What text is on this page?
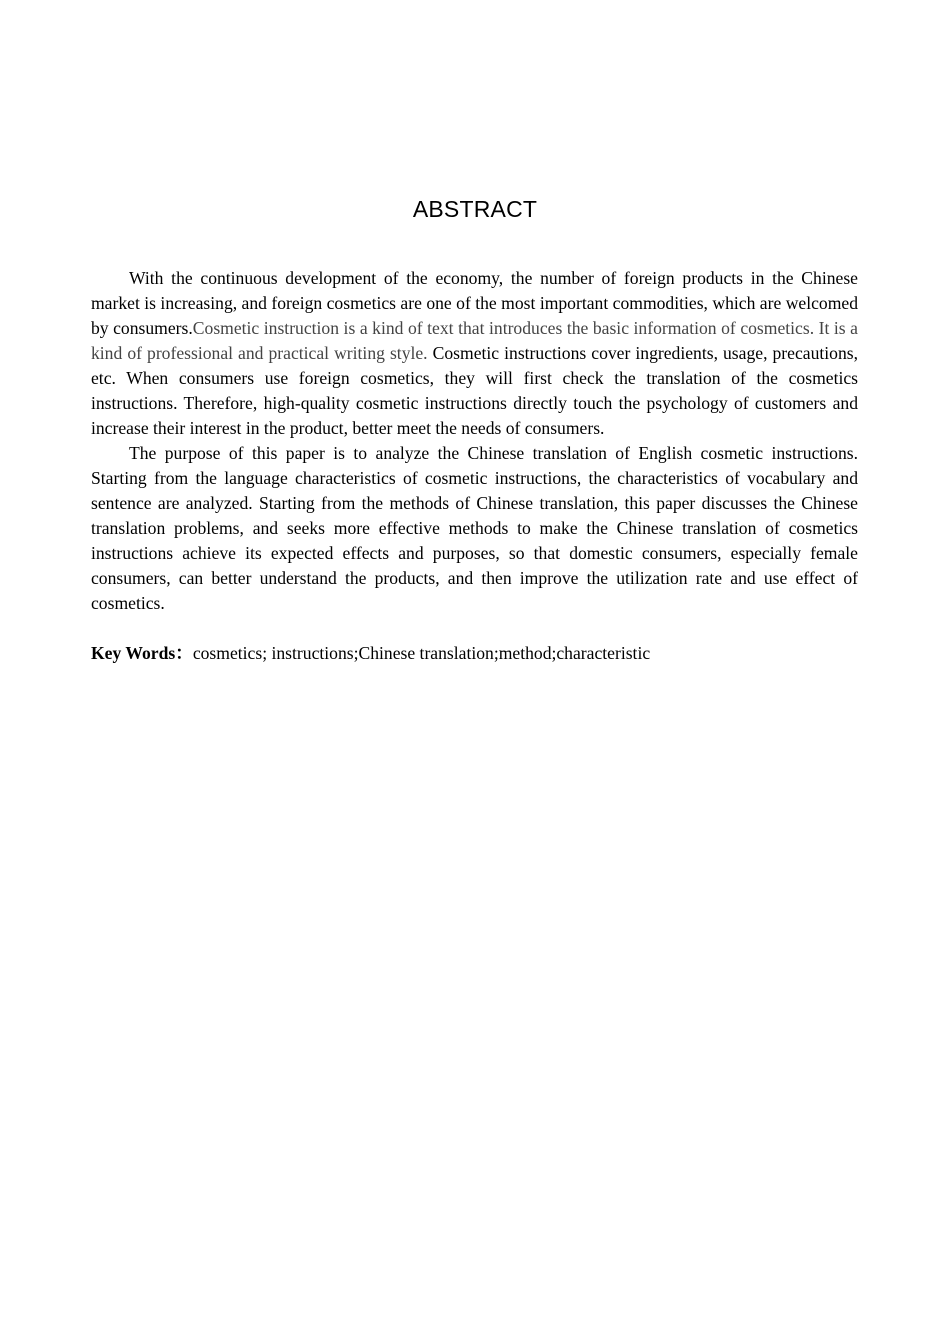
ABSTRACT

With the continuous development of the economy, the number of foreign products in the Chinese market is increasing, and foreign cosmetics are one of the most important commodities, which are welcomed by consumers.Cosmetic instruction is a kind of text that introduces the basic information of cosmetics. It is a kind of professional and practical writing style. Cosmetic instructions cover ingredients, usage, precautions, etc. When consumers use foreign cosmetics, they will first check the translation of the cosmetics instructions. Therefore, high-quality cosmetic instructions directly touch the psychology of customers and increase their interest in the product, better meet the needs of consumers.

The purpose of this paper is to analyze the Chinese translation of English cosmetic instructions. Starting from the language characteristics of cosmetic instructions, the characteristics of vocabulary and sentence are analyzed. Starting from the methods of Chinese translation, this paper discusses the Chinese translation problems, and seeks more effective methods to make the Chinese translation of cosmetics instructions achieve its expected effects and purposes, so that domestic consumers, especially female consumers, can better understand the products, and then improve the utilization rate and use effect of cosmetics.

Key Words：cosmetics; instructions;Chinese translation;method;characteristic
